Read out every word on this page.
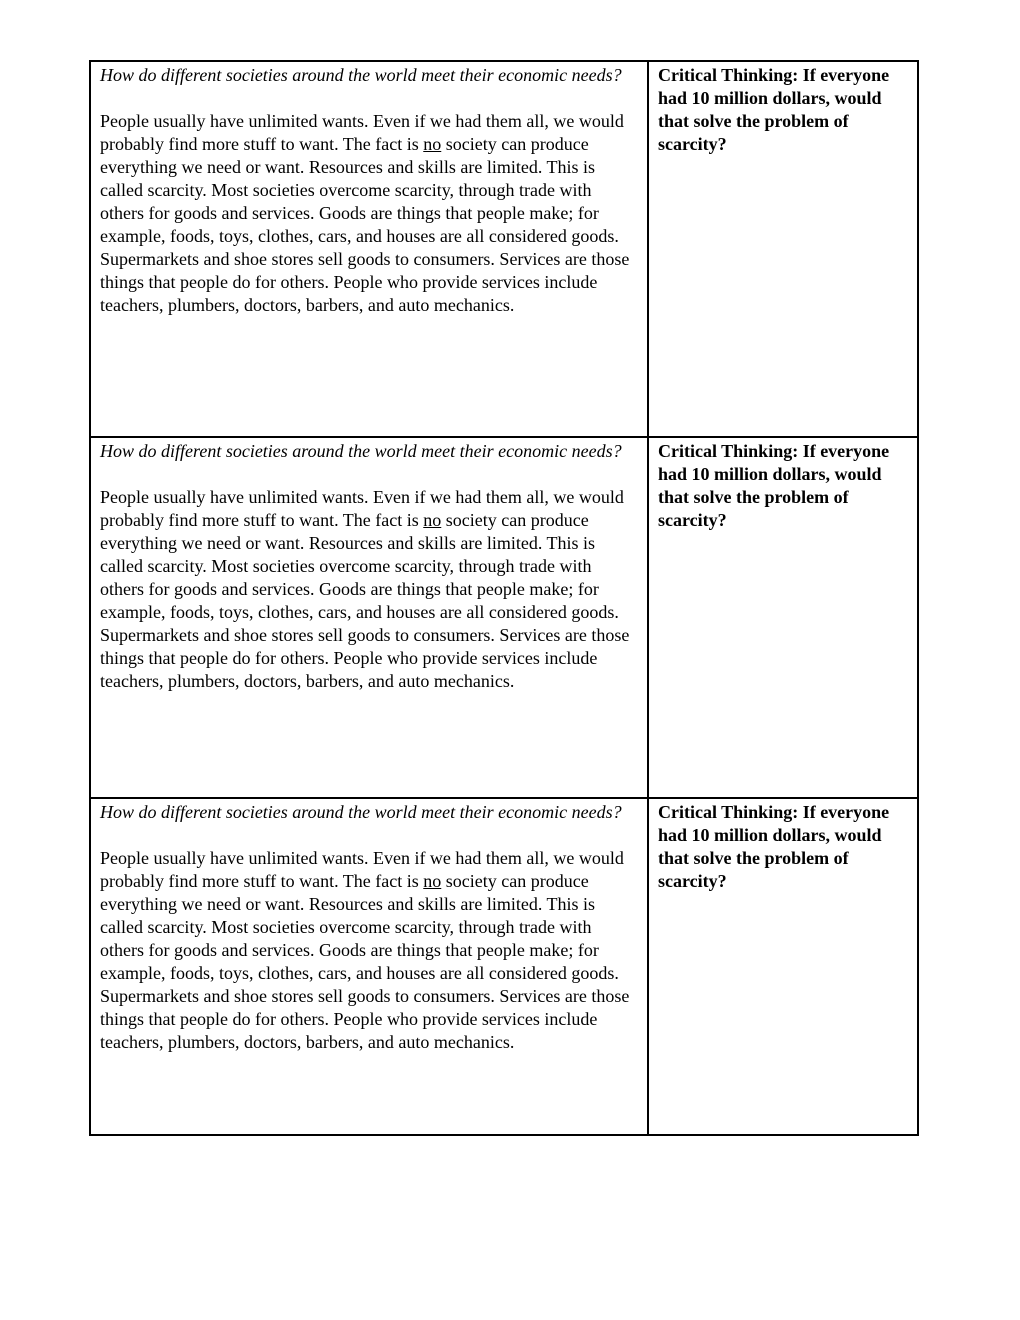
How do different societies around the world meet their economic needs?

People usually have unlimited wants. Even if we had them all, we would probably find more stuff to want. The fact is no society can produce everything we need or want. Resources and skills are limited. This is called scarcity. Most societies overcome scarcity, through trade with others for goods and services. Goods are things that people make; for example, foods, toys, clothes, cars, and houses are all considered goods. Supermarkets and shoe stores sell goods to consumers. Services are those things that people do for others. People who provide services include teachers, plumbers, doctors, barbers, and auto mechanics.	Critical Thinking: If everyone had 10 million dollars, would that solve the problem of scarcity?

How do different societies around the world meet their economic needs?

People usually have unlimited wants. Even if we had them all, we would probably find more stuff to want. The fact is no society can produce everything we need or want. Resources and skills are limited. This is called scarcity. Most societies overcome scarcity, through trade with others for goods and services. Goods are things that people make; for example, foods, toys, clothes, cars, and houses are all considered goods. Supermarkets and shoe stores sell goods to consumers. Services are those things that people do for others. People who provide services include teachers, plumbers, doctors, barbers, and auto mechanics.	Critical Thinking: If everyone had 10 million dollars, would that solve the problem of scarcity?

How do different societies around the world meet their economic needs?

People usually have unlimited wants. Even if we had them all, we would probably find more stuff to want. The fact is no society can produce everything we need or want. Resources and skills are limited. This is called scarcity. Most societies overcome scarcity, through trade with others for goods and services. Goods are things that people make; for example, foods, toys, clothes, cars, and houses are all considered goods. Supermarkets and shoe stores sell goods to consumers. Services are those things that people do for others. People who provide services include teachers, plumbers, doctors, barbers, and auto mechanics.	Critical Thinking: If everyone had 10 million dollars, would that solve the problem of scarcity?
